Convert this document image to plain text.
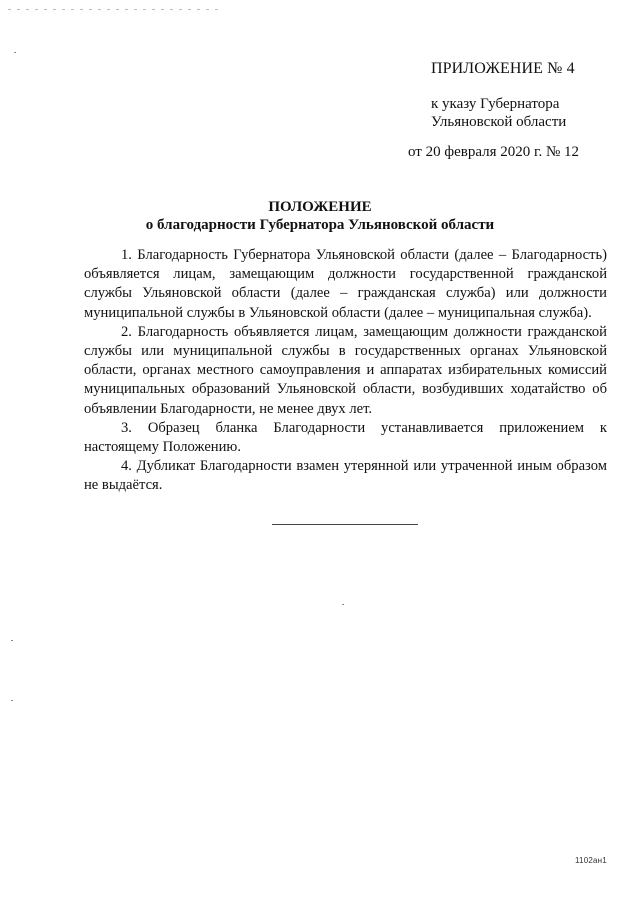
ПРИЛОЖЕНИЕ № 4
к указу Губернатора
Ульяновской области
от 20 февраля 2020 г. № 12
ПОЛОЖЕНИЕ
о благодарности Губернатора Ульяновской области

1. Благодарность Губернатора Ульяновской области (далее – Благодарность) объявляется лицам, замещающим должности государственной гражданской службы Ульяновской области (далее – гражданская служба) или должности муниципальной службы в Ульяновской области (далее – муниципальная служба).

2. Благодарность объявляется лицам, замещающим должности гражданской службы или муниципальной службы в государственных органах Ульяновской области, органах местного самоуправления и аппаратах избирательных комиссий муниципальных образований Ульяновской области, возбудивших ходатайство об объявлении Благодарности, не менее двух лет.

3. Образец бланка Благодарности устанавливается приложением к настоящему Положению.

4. Дубликат Благодарности взамен утерянной или утраченной иным образом не выдаётся.

1102ан1
